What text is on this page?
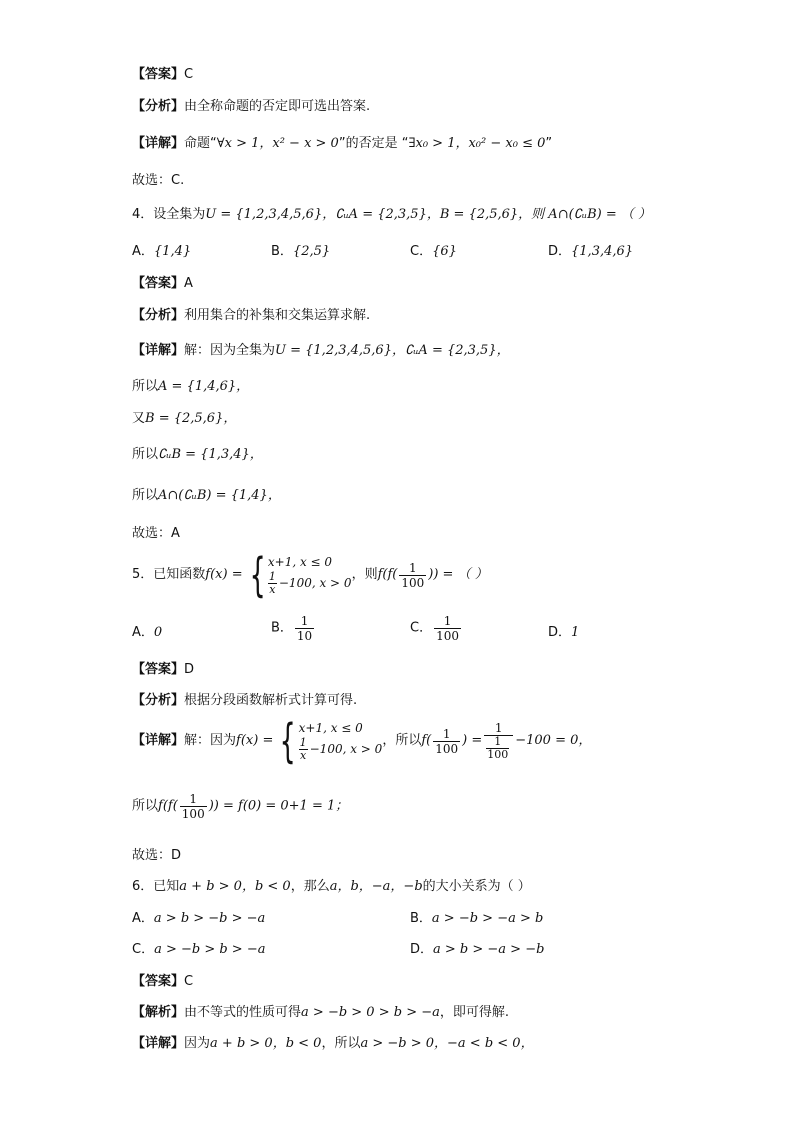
【答案】C
【分析】由全称命题的否定即可选出答案.
【详解】命题“∀x > 1，x² − x > 0”的否定是 “∃x₀ > 1，x₀² − x₀ ≤ 0”
故选：C.
4．设全集为U = {1,2,3,4,5,6}，∁ᵤA = {2,3,5}，B = {2,5,6}，则 A∩(∁ᵤB) = （ ）
A．{1,4}	B．{2,5}	C．{6}	D．{1,3,4,6}
【答案】A
【分析】利用集合的补集和交集运算求解.
【详解】解：因为全集为U = {1,2,3,4,5,6}，∁ᵤA = {2,3,5}，
所以A = {1,4,6}，
又B = {2,5,6}，
所以∁ᵤB = {1,3,4}，
所以A∩(∁ᵤB) = {1,4}，
故选：A
5．已知函数f(x) = { x+1, x ≤ 0
$\frac{1}{x} -100$, x > 0
，则$f(f( \frac{1}{100}$ )) = （ ）
A．0	B． $\frac{1}{10}$	C． $\frac{1}{100}$	D．1
【答案】D
【分析】根据分段函数解析式计算可得.
【详解】解：因为f(x) = { x+1, x ≤ 0
$\frac{1}{x} -100$, x > 0
，所以$f( \frac{1}{100}$ ) = $\frac{1}{\frac{1}{100}} -100 = 0$，
所以$f(f( \frac{1}{100}$ )) = f(0) = 0+1 = 1；
故选：D
6．已知a + b > 0，b < 0，那么a，b，−a，−b的大小关系为（ ）
A．a > b > −b > −a	B．a > −b > −a > b
C．a > −b > b > −a	D．a > b > −a > −b
【答案】C
【解析】由不等式的性质可得a > −b > 0 > b > −a，即可得解.
【详解】因为a + b > 0，b < 0，所以a > −b > 0，−a < b < 0，
